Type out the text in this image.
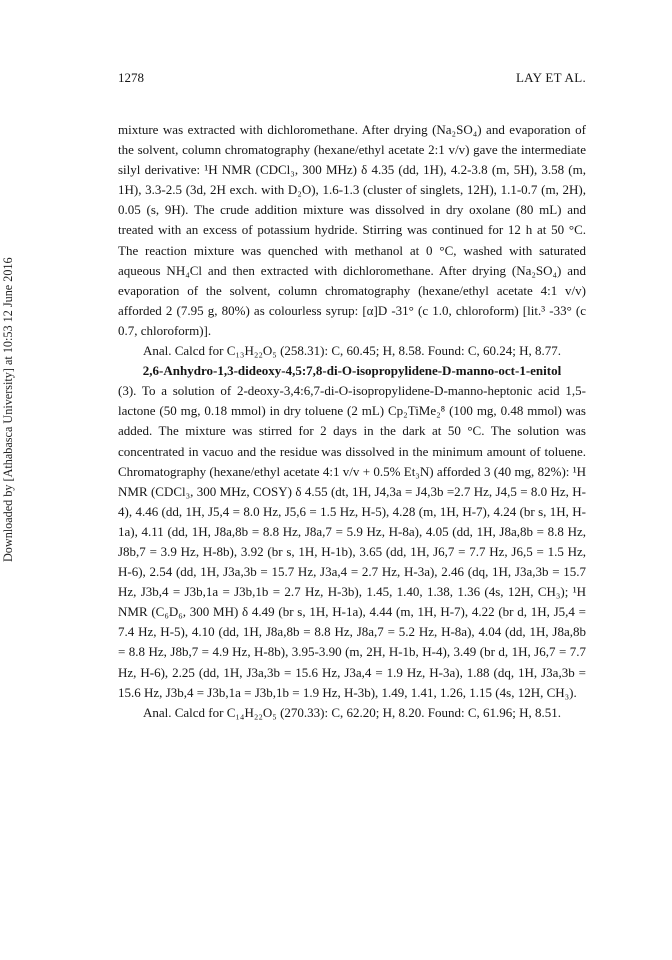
1278	LAY ET AL.
Downloaded by [Athabasca University] at 10:53 12 June 2016

mixture was extracted with dichloromethane. After drying (Na₂SO₄) and evaporation of the solvent, column chromatography (hexane/ethyl acetate 2:1 v/v) gave the intermediate silyl derivative: ¹H NMR (CDCl₃, 300 MHz) δ 4.35 (dd, 1H), 4.2-3.8 (m, 5H), 3.58 (m, 1H), 3.3-2.5 (3d, 2H exch. with D₂O), 1.6-1.3 (cluster of singlets, 12H), 1.1-0.7 (m, 2H), 0.05 (s, 9H). The crude addition mixture was dissolved in dry oxolane (80 mL) and treated with an excess of potassium hydride. Stirring was continued for 12 h at 50 °C. The reaction mixture was quenched with methanol at 0 °C, washed with saturated aqueous NH₄Cl and then extracted with dichloromethane. After drying (Na₂SO₄) and evaporation of the solvent, column chromatography (hexane/ethyl acetate 4:1 v/v) afforded 2 (7.95 g, 80%) as colourless syrup: [α]D -31° (c 1.0, chloroform) [lit.³ -33° (c 0.7, chloroform)].

Anal. Calcd for C₁₃H₂₂O₅ (258.31): C, 60.45; H, 8.58. Found: C, 60.24; H, 8.77.

2,6-Anhydro-1,3-dideoxy-4,5:7,8-di-O-isopropylidene-D-manno-oct-1-enitol

(3). To a solution of 2-deoxy-3,4:6,7-di-O-isopropylidene-D-manno-heptonic acid 1,5-lactone (50 mg, 0.18 mmol) in dry toluene (2 mL) Cp₂TiMe₂⁸ (100 mg, 0.48 mmol) was added. The mixture was stirred for 2 days in the dark at 50 °C. The solution was concentrated in vacuo and the residue was dissolved in the minimum amount of toluene. Chromatography (hexane/ethyl acetate 4:1 v/v + 0.5% Et₃N) afforded 3 (40 mg, 82%): ¹H NMR (CDCl₃, 300 MHz, COSY) δ 4.55 (dt, 1H, J4,3a = J4,3b =2.7 Hz, J4,5 = 8.0 Hz, H-4), 4.46 (dd, 1H, J5,4 = 8.0 Hz, J5,6 = 1.5 Hz, H-5), 4.28 (m, 1H, H-7), 4.24 (br s, 1H, H-1a), 4.11 (dd, 1H, J8a,8b = 8.8 Hz, J8a,7 = 5.9 Hz, H-8a), 4.05 (dd, 1H, J8a,8b = 8.8 Hz, J8b,7 = 3.9 Hz, H-8b), 3.92 (br s, 1H, H-1b), 3.65 (dd, 1H, J6,7 = 7.7 Hz, J6,5 = 1.5 Hz, H-6), 2.54 (dd, 1H, J3a,3b = 15.7 Hz, J3a,4 = 2.7 Hz, H-3a), 2.46 (dq, 1H, J3a,3b = 15.7 Hz, J3b,4 = J3b,1a = J3b,1b = 2.7 Hz, H-3b), 1.45, 1.40, 1.38, 1.36 (4s, 12H, CH₃); ¹H NMR (C₆D₆, 300 MH) δ 4.49 (br s, 1H, H-1a), 4.44 (m, 1H, H-7), 4.22 (br d, 1H, J5,4 = 7.4 Hz, H-5), 4.10 (dd, 1H, J8a,8b = 8.8 Hz, J8a,7 = 5.2 Hz, H-8a), 4.04 (dd, 1H, J8a,8b = 8.8 Hz, J8b,7 = 4.9 Hz, H-8b), 3.95-3.90 (m, 2H, H-1b, H-4), 3.49 (br d, 1H, J6,7 = 7.7 Hz, H-6), 2.25 (dd, 1H, J3a,3b = 15.6 Hz, J3a,4 = 1.9 Hz, H-3a), 1.88 (dq, 1H, J3a,3b = 15.6 Hz, J3b,4 = J3b,1a = J3b,1b = 1.9 Hz, H-3b), 1.49, 1.41, 1.26, 1.15 (4s, 12H, CH₃).

Anal. Calcd for C₁₄H₂₂O₅ (270.33): C, 62.20; H, 8.20. Found: C, 61.96; H, 8.51.
